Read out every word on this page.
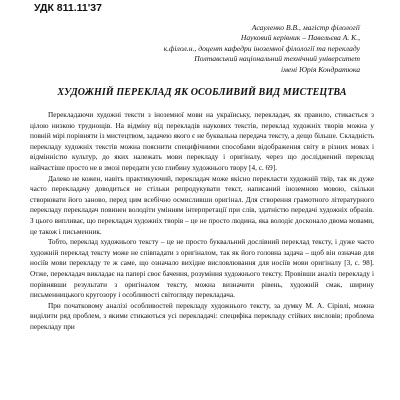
УДК 811.11'37
Асауленко В.В., магістр філології
Науковий керівник – Павельєва А. К.,
к.філол.н., доцент кафедри іноземної філології та перекладу
Полтавський національний технічний університет
імені Юрія Кондратюка
ХУДОЖНІЙ ПЕРЕКЛАД ЯК ОСОБЛИВИЙ ВИД МИСТЕЦТВА

Перекладаючи художні тексти з іноземної мови на українську, перекладач, як правило, стикається з цілою низкою труднощів. На відміну від перекладів наукових текстів, переклад художніх творів можна у повній мірі порівняти із мистецтвом, задачею якого є не буквальна передача тексту, а дещо більше. Складність перекладу художніх текстів можна пояснити специфічними способами відображення світу в різних мовах і відмінністю культур, до яких належать мови перекладу і оригіналу, через що досліджений переклад найчастіше просто не в змозі передати усю глибину художнього твору [4, с. 69].

Далеко не кожен, навіть практикуючий, перекладач може якісно перекласти художній твір, так як дуже часто перекладачу доводиться не стільки репродукувати текст, написаний іноземною мовою, скільки створювати його заново, перед цим всебічно осмисливши оригінал. Для створення грамотного літературного перекладу перекладач повинен володіти умінням інтерпретації при слів, здатністю передачі художніх образів. З цього випливає, що перекладач художніх творів – це не просто людина, яка володіє досконало двома мовами, це також і письменник.

Тобто, переклад художнього тексту – це не просто буквальний дослівний переклад тексту, і дуже часто художній переклад тексту може не співпадати з оригіналом, так як його головна задача – щоб він означав для носіїв мови перекладу те ж саме, що означало вихідне висловлювання для носіїв мови оригіналу [3, с. 98]. Отже, перекладач викладає на папері своє бачення, розуміння художнього тексту. Провівши аналіз перекладу і порівнявши результати з оригіналом тексту, можна визначити рівень, художній смак, ширину письменницького кругозору і особливості світогляду перекладача.

При початковому аналізі особливостей перекладу художнього тексту, за думку М. А. Сірівлі, можна виділити ряд проблем, з якими стикаються усі перекладачі: специфіка перекладу стійких висловів; проблема перекладу при
